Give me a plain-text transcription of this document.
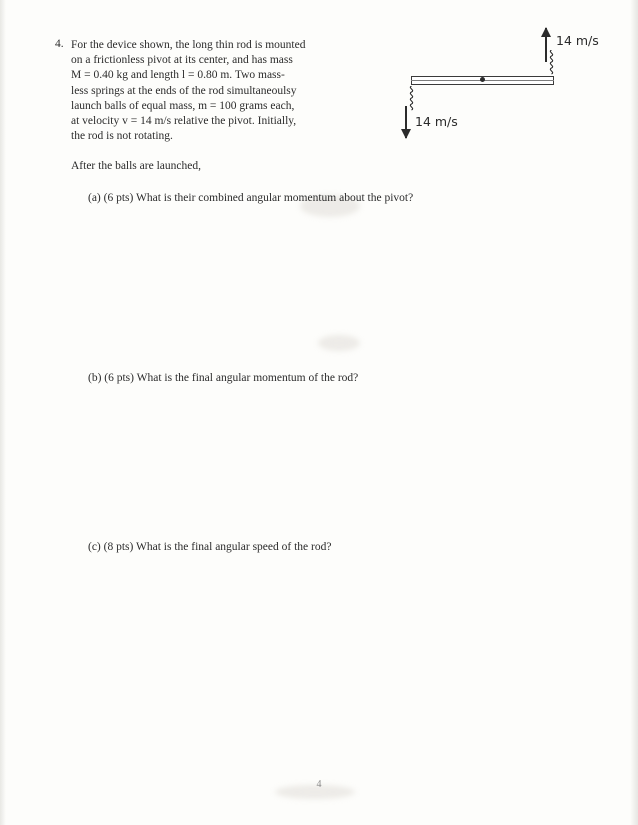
4. For the device shown, the long thin rod is mounted
on a frictionless pivot at its center, and has mass
M = 0.40 kg and length l = 0.80 m. Two mass-
less springs at the ends of the rod simultaneoulsy
launch balls of equal mass, m = 100 grams each,
at velocity v = 14 m/s relative the pivot. Initially,
the rod is not rotating.
After the balls are launched,
(a) (6 pts) What is their combined angular momentum about the pivot?
(b) (6 pts) What is the final angular momentum of the rod?
(c) (8 pts) What is the final angular speed of the rod?
14 m/s
14 m/s
4
